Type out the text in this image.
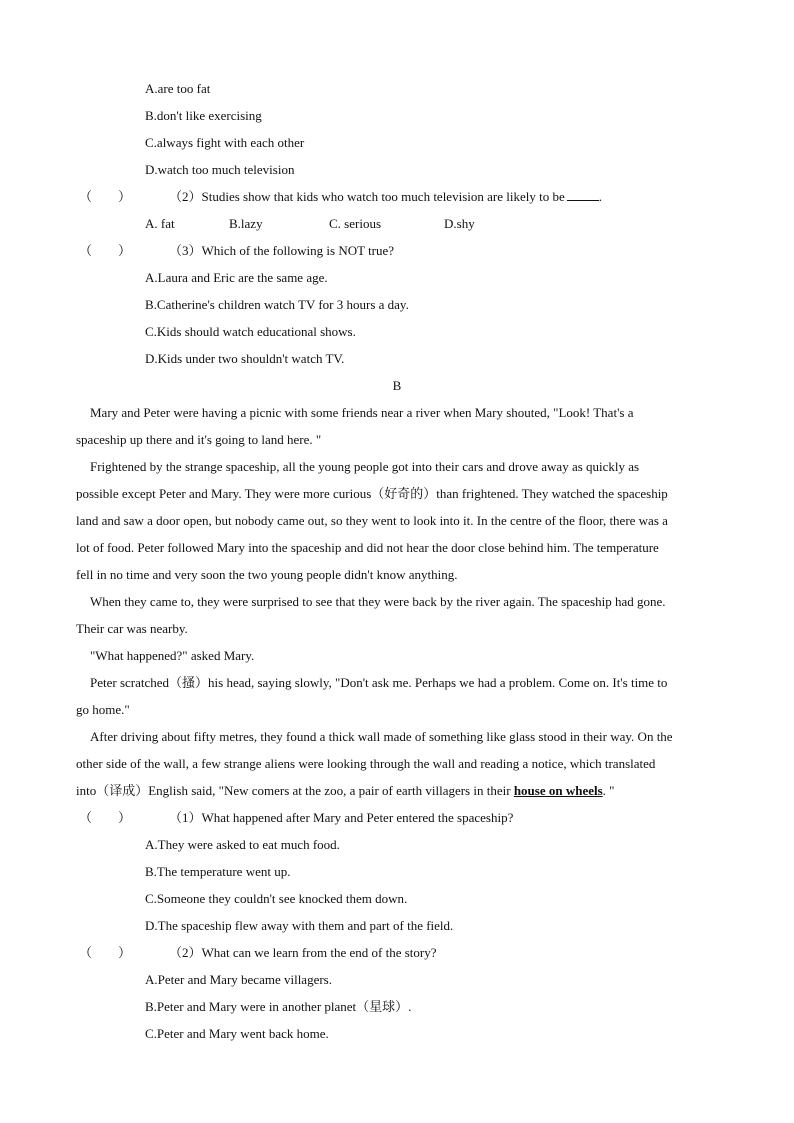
A.are too fat
B.don't like exercising
C.always fight with each other
D.watch too much television
（　　）	（2）Studies show that kids who watch too much television are likely to be	.
A. fat	B.lazy	C. serious	D.shy
（　　）	（3）Which of the following is NOT true?
A.Laura and Eric are the same age.
B.Catherine's children watch TV for 3 hours a day.
C.Kids should watch educational shows.
D.Kids under two shouldn't watch TV.
B
Mary and Peter were having a picnic with some friends near a river when Mary shouted, "Look! That's a
spaceship up there and it's going to land here. "
Frightened by the strange spaceship, all the young people got into their cars and drove away as quickly as
possible except Peter and Mary. They were more curious（好奇的）than frightened. They watched the spaceship
land and saw a door open, but nobody came out, so they went to look into it. In the centre of the floor, there was a
lot of food. Peter followed Mary into the spaceship and did not hear the door close behind him. The temperature
fell in no time and very soon the two young people didn't know anything.
When they came to, they were surprised to see that they were back by the river again. The spaceship had gone.
Their car was nearby.
"What happened?" asked Mary.
Peter scratched（搔）his head, saying slowly, "Don't ask me. Perhaps we had a problem. Come on. It's time to
go home."
After driving about fifty metres, they found a thick wall made of something like glass stood in their way. On the
other side of the wall, a few strange aliens were looking through the wall and reading a notice, which translated
into（译成）English said, "New comers at the zoo, a pair of earth villagers in their house on wheels. "
（　　）	（1）What happened after Mary and Peter entered the spaceship?
A.They were asked to eat much food.
B.The temperature went up.
C.Someone they couldn't see knocked them down.
D.The spaceship flew away with them and part of the field.
（　　）	（2）What can we learn from the end of the story?
A.Peter and Mary became villagers.
B.Peter and Mary were in another planet（星球）.
C.Peter and Mary went back home.
